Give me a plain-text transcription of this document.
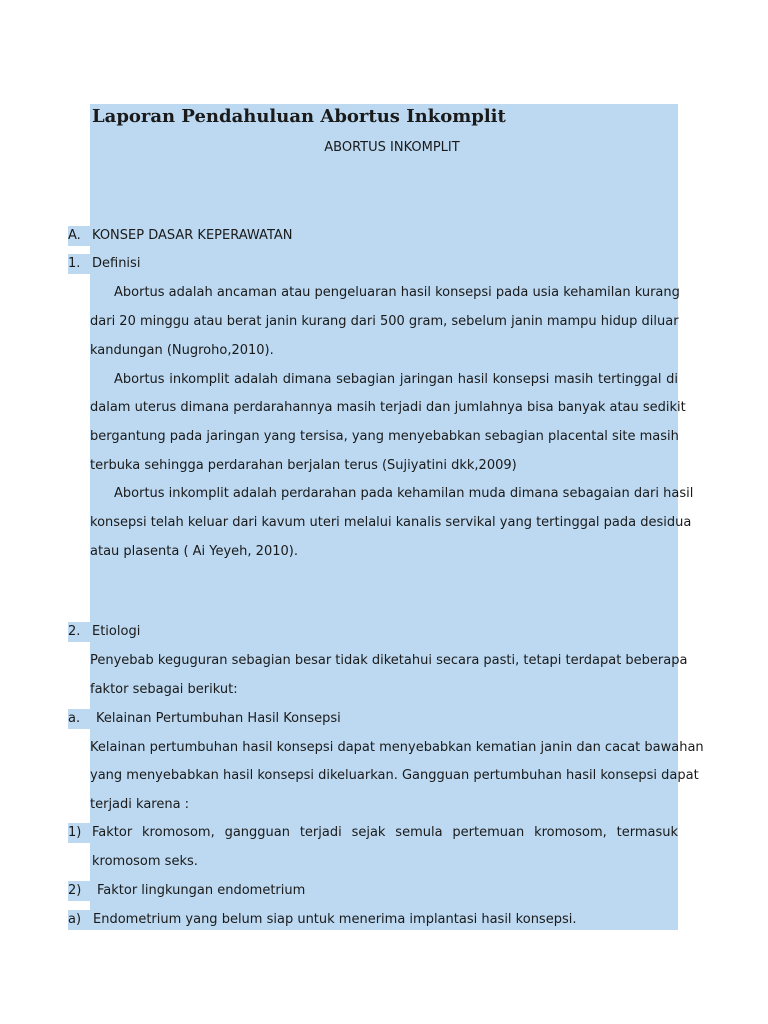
Laporan Pendahuluan Abortus Inkomplit
ABORTUS INKOMPLIT
A. KONSEP DASAR KEPERAWATAN
1. Definisi
Abortus adalah ancaman atau pengeluaran hasil konsepsi pada usia kehamilan kurang
dari 20 minggu atau berat janin kurang dari 500 gram, sebelum janin mampu hidup diluar
kandungan (Nugroho,2010).
Abortus inkomplit adalah dimana sebagian jaringan hasil konsepsi masih tertinggal di
dalam uterus dimana perdarahannya masih terjadi dan jumlahnya bisa banyak atau sedikit
bergantung pada jaringan yang tersisa, yang menyebabkan sebagian placental site masih
terbuka sehingga perdarahan berjalan terus (Sujiyatini dkk,2009)
Abortus inkomplit adalah perdarahan pada kehamilan muda dimana sebagaian dari hasil
konsepsi telah keluar dari kavum uteri melalui kanalis servikal yang tertinggal pada desidua
atau plasenta ( Ai Yeyeh, 2010).
2. Etiologi
Penyebab keguguran sebagian besar tidak diketahui secara pasti, tetapi terdapat beberapa
faktor sebagai berikut:
a. Kelainan Pertumbuhan Hasil Konsepsi
Kelainan pertumbuhan hasil konsepsi dapat menyebabkan kematian janin dan cacat bawahan
yang menyebabkan hasil konsepsi dikeluarkan. Gangguan pertumbuhan hasil konsepsi dapat
terjadi karena :
1) Faktor kromosom, gangguan terjadi sejak semula pertemuan kromosom, termasuk
kromosom seks.
2) Faktor lingkungan endometrium
a) Endometrium yang belum siap untuk menerima implantasi hasil konsepsi.
